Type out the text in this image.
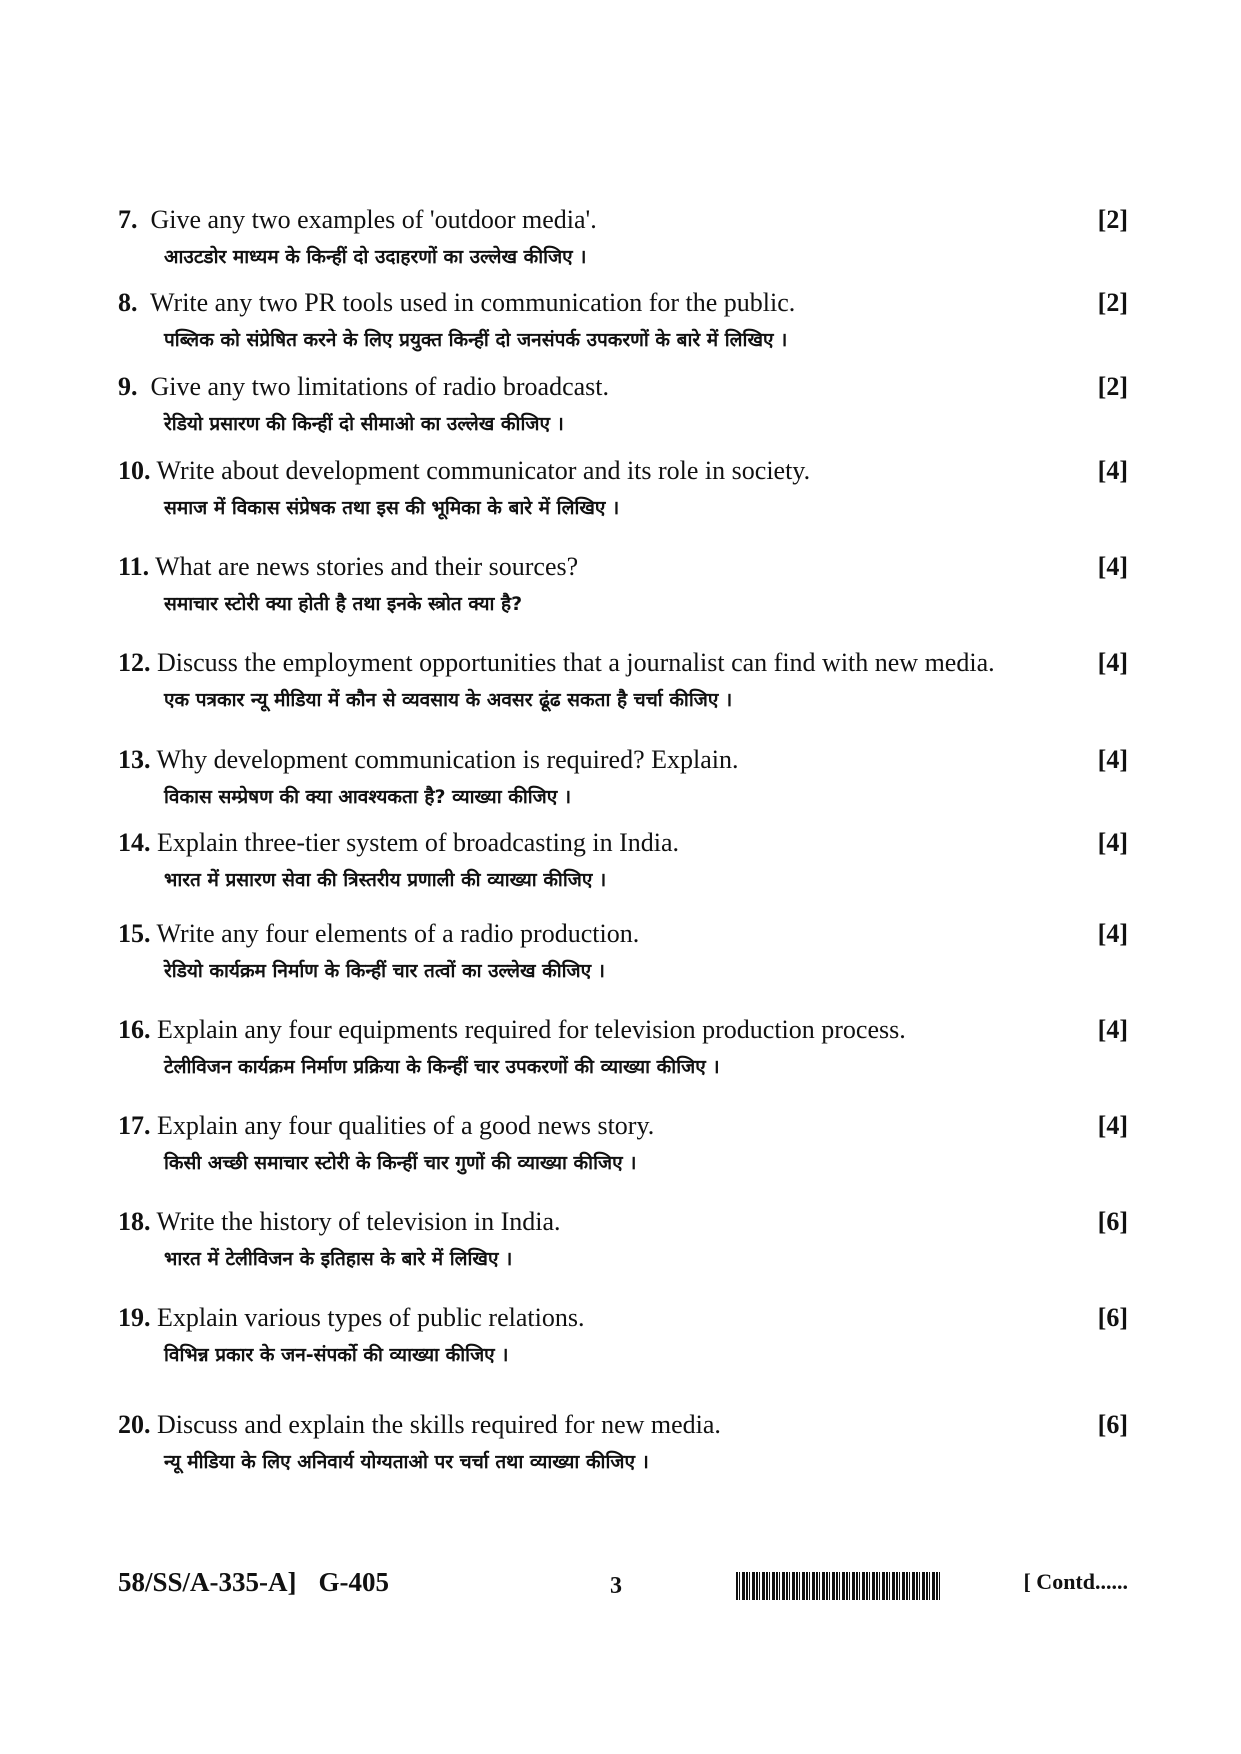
7. Give any two examples of 'outdoor media'.	[2]
आउटडोर माध्यम के किन्हीं दो उदाहरणों का उल्लेख कीजिए ।
8. Write any two PR tools used in communication for the public.	[2]
पब्लिक को संप्रेषित करने के लिए प्रयुक्त किन्हीं दो जनसंपर्क उपकरणों के बारे में लिखिए ।
9. Give any two limitations of radio broadcast.	[2]
रेडियो प्रसारण की किन्हीं दो सीमाओ का उल्लेख कीजिए ।
10. Write about development communicator and its role in society.	[4]
समाज में विकास संप्रेषक तथा इस की भूमिका के बारे में लिखिए ।
11. What are news stories and their sources?	[4]
समाचार स्टोरी क्या होती है तथा इनके स्त्रोत क्या है?
12. Discuss the employment opportunities that a journalist can find with new media.	[4]
एक पत्रकार न्यू मीडिया में कौन से व्यवसाय के अवसर ढूंढ सकता है चर्चा कीजिए ।
13. Why development communication is required? Explain.	[4]
विकास सम्प्रेषण की क्या आवश्यकता है? व्याख्या कीजिए ।
14. Explain three-tier system of broadcasting in India.	[4]
भारत में प्रसारण सेवा की त्रिस्तरीय प्रणाली की व्याख्या कीजिए ।
15. Write any four elements of a radio production.	[4]
रेडियो कार्यक्रम निर्माण के किन्हीं चार तत्वों का उल्लेख कीजिए ।
16. Explain any four equipments required for television production process.	[4]
टेलीविजन कार्यक्रम निर्माण प्रक्रिया के किन्हीं चार उपकरणों की व्याख्या कीजिए ।
17. Explain any four qualities of a good news story.	[4]
किसी अच्छी समाचार स्टोरी के किन्हीं चार गुणों की व्याख्या कीजिए ।
18. Write the history of television in India.	[6]
भारत में टेलीविजन के इतिहास के बारे में लिखिए ।
19. Explain various types of public relations.	[6]
विभिन्न प्रकार के जन-संपर्को की व्याख्या कीजिए ।
20. Discuss and explain the skills required for new media.	[6]
न्यू मीडिया के लिए अनिवार्य योग्यताओ पर चर्चा तथा व्याख्या कीजिए ।
58/SS/A-335-A] G-405	3	[ Contd......
